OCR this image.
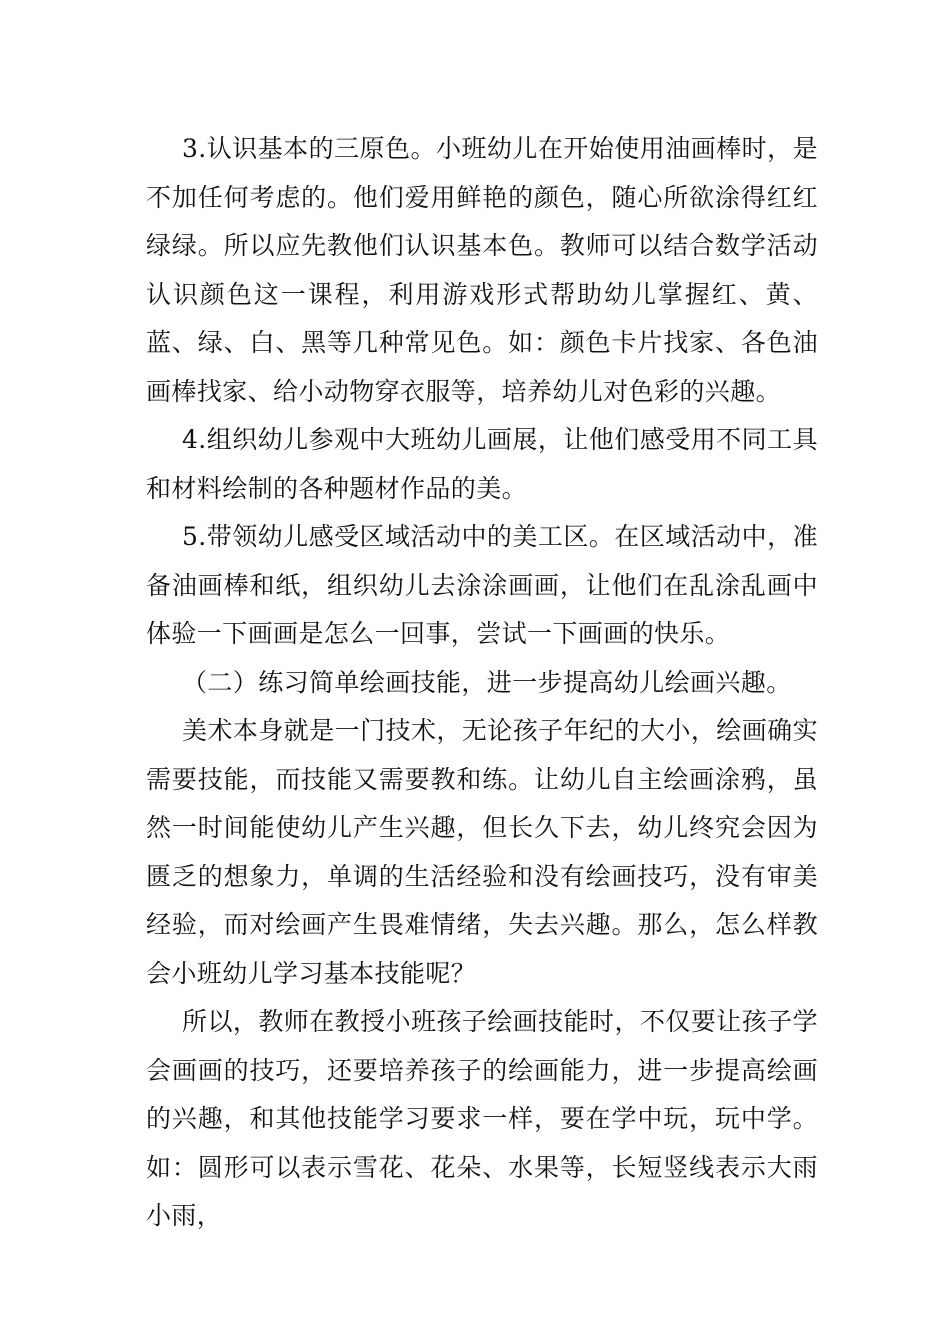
3.认识基本的三原色。小班幼儿在开始使用油画棒时，是不加任何考虑的。他们爱用鲜艳的颜色，随心所欲涂得红红绿绿。所以应先教他们认识基本色。教师可以结合数学活动认识颜色这一课程，利用游戏形式帮助幼儿掌握红、黄、蓝、绿、白、黑等几种常见色。如：颜色卡片找家、各色油画棒找家、给小动物穿衣服等，培养幼儿对色彩的兴趣。

4.组织幼儿参观中大班幼儿画展，让他们感受用不同工具和材料绘制的各种题材作品的美。

5.带领幼儿感受区域活动中的美工区。在区域活动中，准备油画棒和纸，组织幼儿去涂涂画画，让他们在乱涂乱画中体验一下画画是怎么一回事，尝试一下画画的快乐。

（二）练习简单绘画技能，进一步提高幼儿绘画兴趣。

美术本身就是一门技术，无论孩子年纪的大小，绘画确实需要技能，而技能又需要教和练。让幼儿自主绘画涂鸦，虽然一时间能使幼儿产生兴趣，但长久下去，幼儿终究会因为匮乏的想象力，单调的生活经验和没有绘画技巧，没有审美经验，而对绘画产生畏难情绪，失去兴趣。那么，怎么样教会小班幼儿学习基本技能呢？

所以，教师在教授小班孩子绘画技能时，不仅要让孩子学会画画的技巧，还要培养孩子的绘画能力，进一步提高绘画的兴趣，和其他技能学习要求一样，要在学中玩，玩中学。如：圆形可以表示雪花、花朵、水果等，长短竖线表示大雨小雨，
